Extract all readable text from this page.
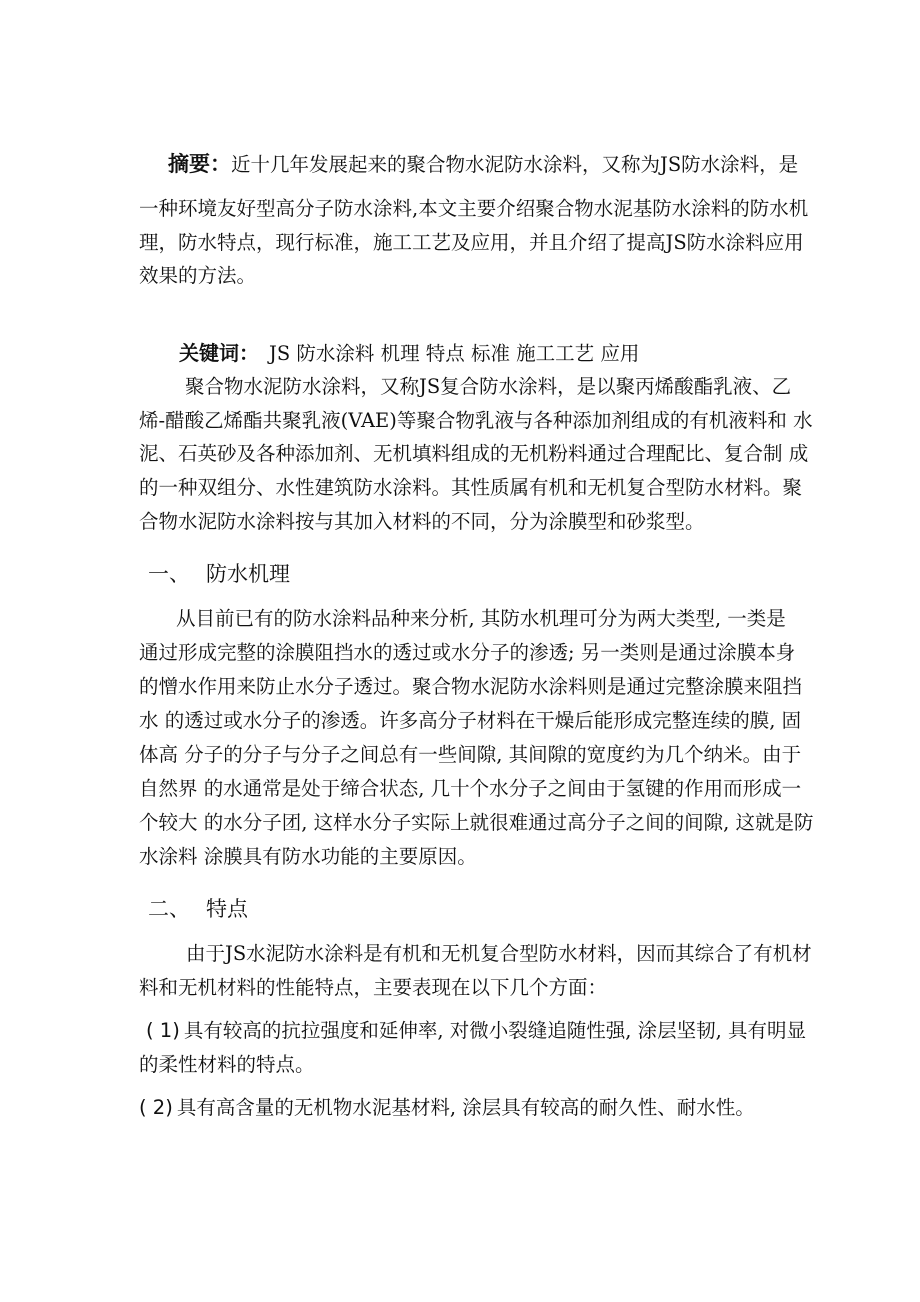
摘要：近十几年发展起来的聚合物水泥防水涂料，又称为JS防水涂料，是
一种环境友好型高分子防水涂料,本文主要介绍聚合物水泥基防水涂料的防水机
理，防水特点，现行标准，施工工艺及应用，并且介绍了提高JS防水涂料应用
效果的方法。
关键词： JS 防水涂料 机理 特点 标准 施工工艺 应用
聚合物水泥防水涂料，又称JS复合防水涂料，是以聚丙烯酸酯乳液、乙
烯-醋酸乙烯酯共聚乳液(VAE)等聚合物乳液与各种添加剂组成的有机液料和 水
泥、石英砂及各种添加剂、无机填料组成的无机粉料通过合理配比、复合制 成
的一种双组分、水性建筑防水涂料。其性质属有机和无机复合型防水材料。聚
合物水泥防水涂料按与其加入材料的不同，分为涂膜型和砂浆型。
一、 防水机理
从目前已有的防水涂料品种来分析, 其防水机理可分为两大类型, 一类是
通过形成完整的涂膜阻挡水的透过或水分子的渗透; 另一类则是通过涂膜本身
的憎水作用来防止水分子透过。聚合物水泥防水涂料则是通过完整涂膜来阻挡
水 的透过或水分子的渗透。许多高分子材料在干燥后能形成完整连续的膜, 固
体高 分子的分子与分子之间总有一些间隙, 其间隙的宽度约为几个纳米。由于
自然界 的水通常是处于缔合状态, 几十个水分子之间由于氢键的作用而形成一
个较大 的水分子团, 这样水分子实际上就很难通过高分子之间的间隙, 这就是防
水涂料 涂膜具有防水功能的主要原因。
二、 特点
由于JS水泥防水涂料是有机和无机复合型防水材料，因而其综合了有机材
料和无机材料的性能特点，主要表现在以下几个方面：
( 1) 具有较高的抗拉强度和延伸率, 对微小裂缝追随性强, 涂层坚韧, 具有明显
的柔性材料的特点。
( 2) 具有高含量的无机物水泥基材料, 涂层具有较高的耐久性、耐水性。
